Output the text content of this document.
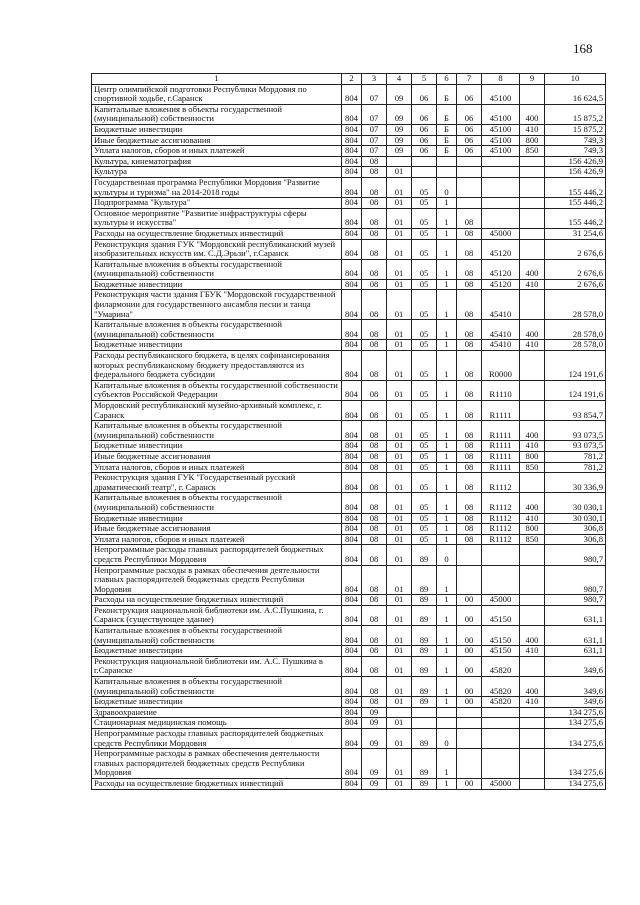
168
1	2	3	4	5	6	7	8	9	10
Центр олимпийской подготовки Республики Мордовия по спортивной ходьбе, г.Саранск	804	07	09	06	Б	06	45100		16 624,5
Капитальные вложения в объекты государственной (муниципальной) собственности	804	07	09	06	Б	06	45100	400	15 875,2
Бюджетные инвестиции	804	07	09	06	Б	06	45100	410	15 875,2
Иные бюджетные ассигнования	804	07	09	06	Б	06	45100	800	749,3
Уплата налогов, сборов и иных платежей	804	07	09	06	Б	06	45100	850	749,3
Культура, кинематография	804	08							156 426,9
Культура	804	08	01						156 426,9
Государственная программа Республики Мордовия "Развитие культуры и туризма" на 2014-2018 годы	804	08	01	05	0				155 446,2
Подпрограмма "Культура"	804	08	01	05	1				155 446,2
Основное мероприятие "Развитие инфраструктуры сферы культуры и искусства"	804	08	01	05	1	08			155 446,2
Расходы на осуществление бюджетных инвестиций	804	08	01	05	1	08	45000		31 254,6
Реконструкция здания ГУК "Мордовский республиканский музей изобразительных искусств им. С.Д.Эрьзи", г.Саранск	804	08	01	05	1	08	45120		2 676,6
Капитальные вложения в объекты государственной (муниципальной) собственности	804	08	01	05	1	08	45120	400	2 676,6
Бюджетные инвестиции	804	08	01	05	1	08	45120	410	2 676,6
Реконструкция части здания ГБУК "Мордовской государственной филармонии для государственного ансамбля песни и танца "Умарина"	804	08	01	05	1	08	45410		28 578,0
Капитальные вложения в объекты государственной (муниципальной) собственности	804	08	01	05	1	08	45410	400	28 578,0
Бюджетные инвестиции	804	08	01	05	1	08	45410	410	28 578,0
Расходы республиканского бюджета, в целях софинансирования которых республиканскому бюджету предоставляются из федерального бюджета субсидии	804	08	01	05	1	08	R0000		124 191,6
Капитальные вложения в объекты государственной собственности субъектов Российской Федерации	804	08	01	05	1	08	R1110		124 191,6
Мордовский республиканский музейно-архивный комплекс, г. Саранск	804	08	01	05	1	08	R1111		93 854,7
Капитальные вложения в объекты государственной (муниципальной) собственности	804	08	01	05	1	08	R1111	400	93 073,5
Бюджетные инвестиции	804	08	01	05	1	08	R1111	410	93 073,5
Иные бюджетные ассигнования	804	08	01	05	1	08	R1111	800	781,2
Уплата налогов, сборов и иных платежей	804	08	01	05	1	08	R1111	850	781,2
Реконструкция здания ГУК "Государственный русский драматический театр", г. Саранск	804	08	01	05	1	08	R1112		30 336,9
Капитальные вложения в объекты государственной (муниципальной) собственности	804	08	01	05	1	08	R1112	400	30 030,1
Бюджетные инвестиции	804	08	01	05	1	08	R1112	410	30 030,1
Иные бюджетные ассигнования	804	08	01	05	1	08	R1112	800	306,8
Уплата налогов, сборов и иных платежей	804	08	01	05	1	08	R1112	850	306,8
Непрограммные расходы главных распорядителей бюджетных средств Республики Мордовия	804	08	01	89	0				980,7
Непрограммные расходы в рамках обеспечения деятельности главных распорядителей бюджетных средств Республики Мордовия	804	08	01	89	1				980,7
Расходы на осуществление бюджетных инвестиций	804	08	01	89	1	00	45000		980,7
Реконструкция национальной библиотеки им. А.С.Пушкина, г. Саранск (существующее здание)	804	08	01	89	1	00	45150		631,1
Капитальные вложения в объекты государственной (муниципальной) собственности	804	08	01	89	1	00	45150	400	631,1
Бюджетные инвестиции	804	08	01	89	1	00	45150	410	631,1
Реконструкция национальной библиотеки им. А.С. Пушкина в г.Саранске	804	08	01	89	1	00	45820		349,6
Капитальные вложения в объекты государственной (муниципальной) собственности	804	08	01	89	1	00	45820	400	349,6
Бюджетные инвестиции	804	08	01	89	1	00	45820	410	349,6
Здравоохранение	804	09							134 275,6
Стационарная медицинская помощь	804	09	01						134 275,6
Непрограммные расходы главных распорядителей бюджетных средств Республики Мордовия	804	09	01	89	0				134 275,6
Непрограммные расходы в рамках обеспечения деятельности главных распорядителей бюджетных средств Республики Мордовия	804	09	01	89	1				134 275,6
Расходы на осуществление бюджетных инвестиций	804	09	01	89	1	00	45000		134 275,6
